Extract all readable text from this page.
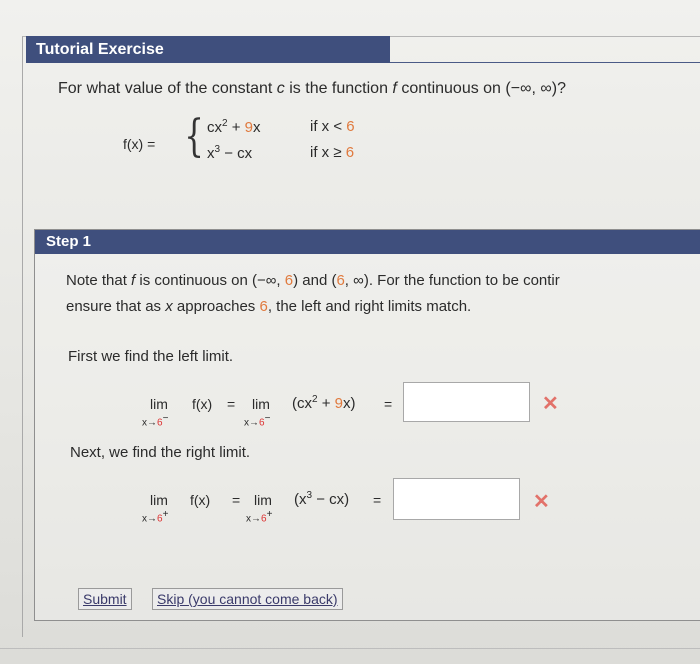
Tutorial Exercise
For what value of the constant c is the function f continuous on (−∞, ∞)?
f(x) = { $cx^2 + 9x$	if x < 6
$x^3$ − cx	if x ≥ 6
Step 1
Note that f is continuous on (−∞, 6) and (6, ∞). For the function to be contir
ensure that as x approaches 6, the left and right limits match.
First we find the left limit.
lim
x→6−
f(x) = lim
x→6−
$(cx^2 + 9x)$ =	✕
Next, we find the right limit.
lim
x→6+
f(x) = lim
x→6+
$(x^3 - cx)$ =	✕
Submit	Skip (you cannot come back)
